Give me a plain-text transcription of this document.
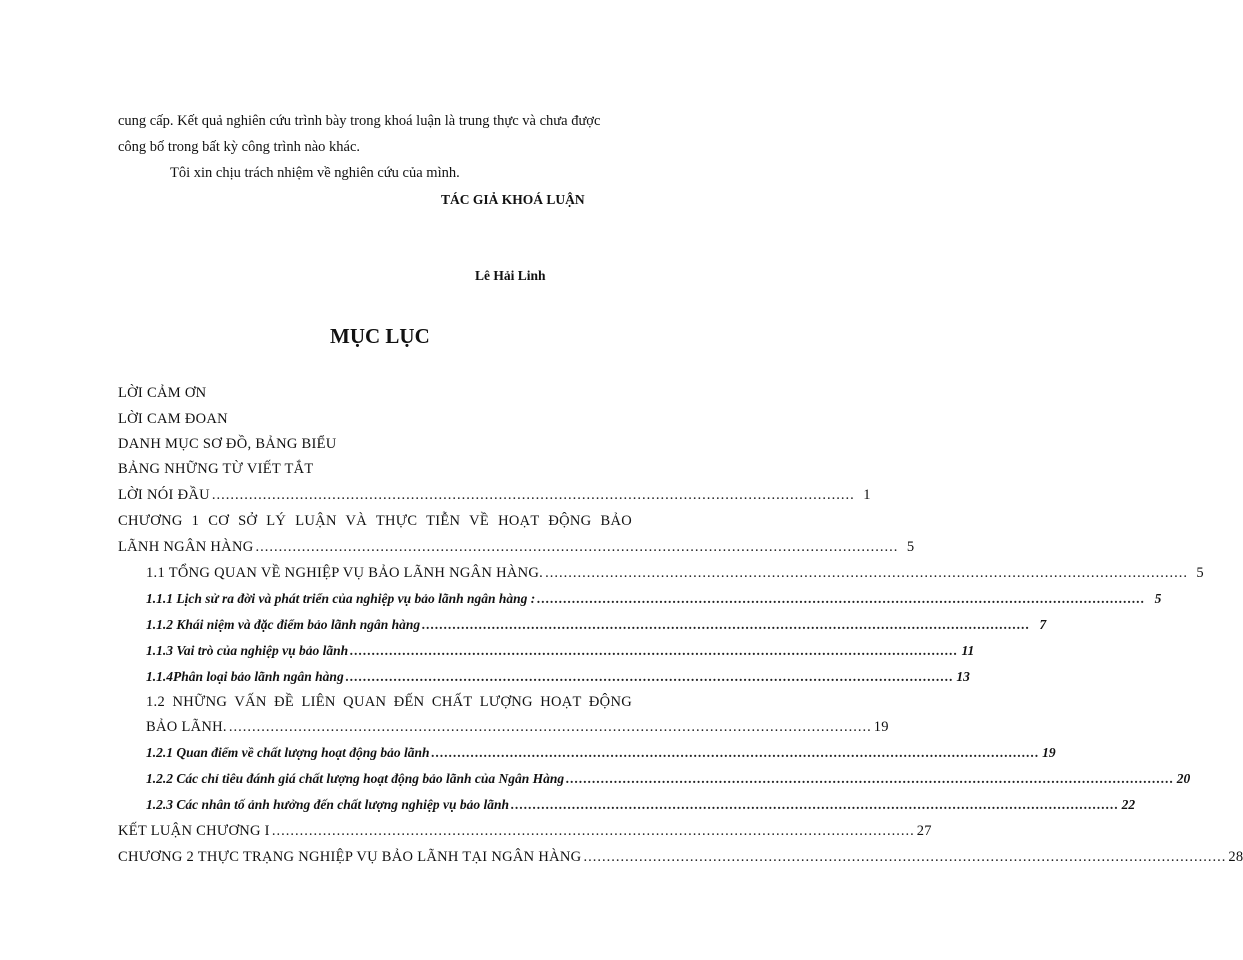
cung cấp. Kết quả nghiên cứu trình bày trong khoá luận là trung thực và chưa được
công bố trong bất kỳ công trình nào khác.
Tôi xin chịu trách nhiệm về nghiên cứu của mình.
TÁC GIẢ KHOÁ LUẬN
Lê Hải Linh
MỤC LỤC
LỜI CẢM ƠN
LỜI CAM ĐOAN
DANH MỤC SƠ ĐỒ, BẢNG BIỂU
BẢNG NHỮNG TỪ VIẾT TẮT
LỜI NÓI ĐẦU ........................................................................................................................................... 1
CHƯƠNG 1 CƠ SỞ LÝ LUẬN VÀ THỰC TIỄN VỀ HOẠT ĐỘNG BẢO
LÃNH NGÂN HÀNG ........................................................................................................................................... 5
1.1 TỔNG QUAN VỀ NGHIỆP VỤ BẢO LÃNH NGÂN HÀNG. ........................................................................................................................................... 5
1.1.1 Lịch sử ra đời và phát triển của nghiệp vụ bảo lãnh ngân hàng : ........................................................................................................................................... 5
1.1.2 Khái niệm và đặc điểm bảo lãnh ngân hàng ........................................................................................................................................... 7
1.1.3 Vai trò của nghiệp vụ bảo lãnh ........................................................................................................................................... 11
1.1.4Phân loại bảo lãnh ngân hàng ........................................................................................................................................... 13
1.2 NHỮNG VẤN ĐỀ LIÊN QUAN ĐẾN CHẤT LƯỢNG HOẠT ĐỘNG
BẢO LÃNH. ........................................................................................................................................... 19
1.2.1 Quan điểm về chất lượng hoạt động bảo lãnh ........................................................................................................................................... 19
1.2.2 Các chỉ tiêu đánh giá chất lượng hoạt động bảo lãnh của Ngân Hàng ........................................................................................................................................... 20
1.2.3 Các nhân tố ảnh hưởng đến chất lượng nghiệp vụ bảo lãnh ........................................................................................................................................... 22
KẾT LUẬN CHƯƠNG I ........................................................................................................................................... 27
CHƯƠNG 2 THỰC TRẠNG NGHIỆP VỤ BẢO LÃNH TẠI NGÂN HÀNG ........................................................................................................................................... 28
